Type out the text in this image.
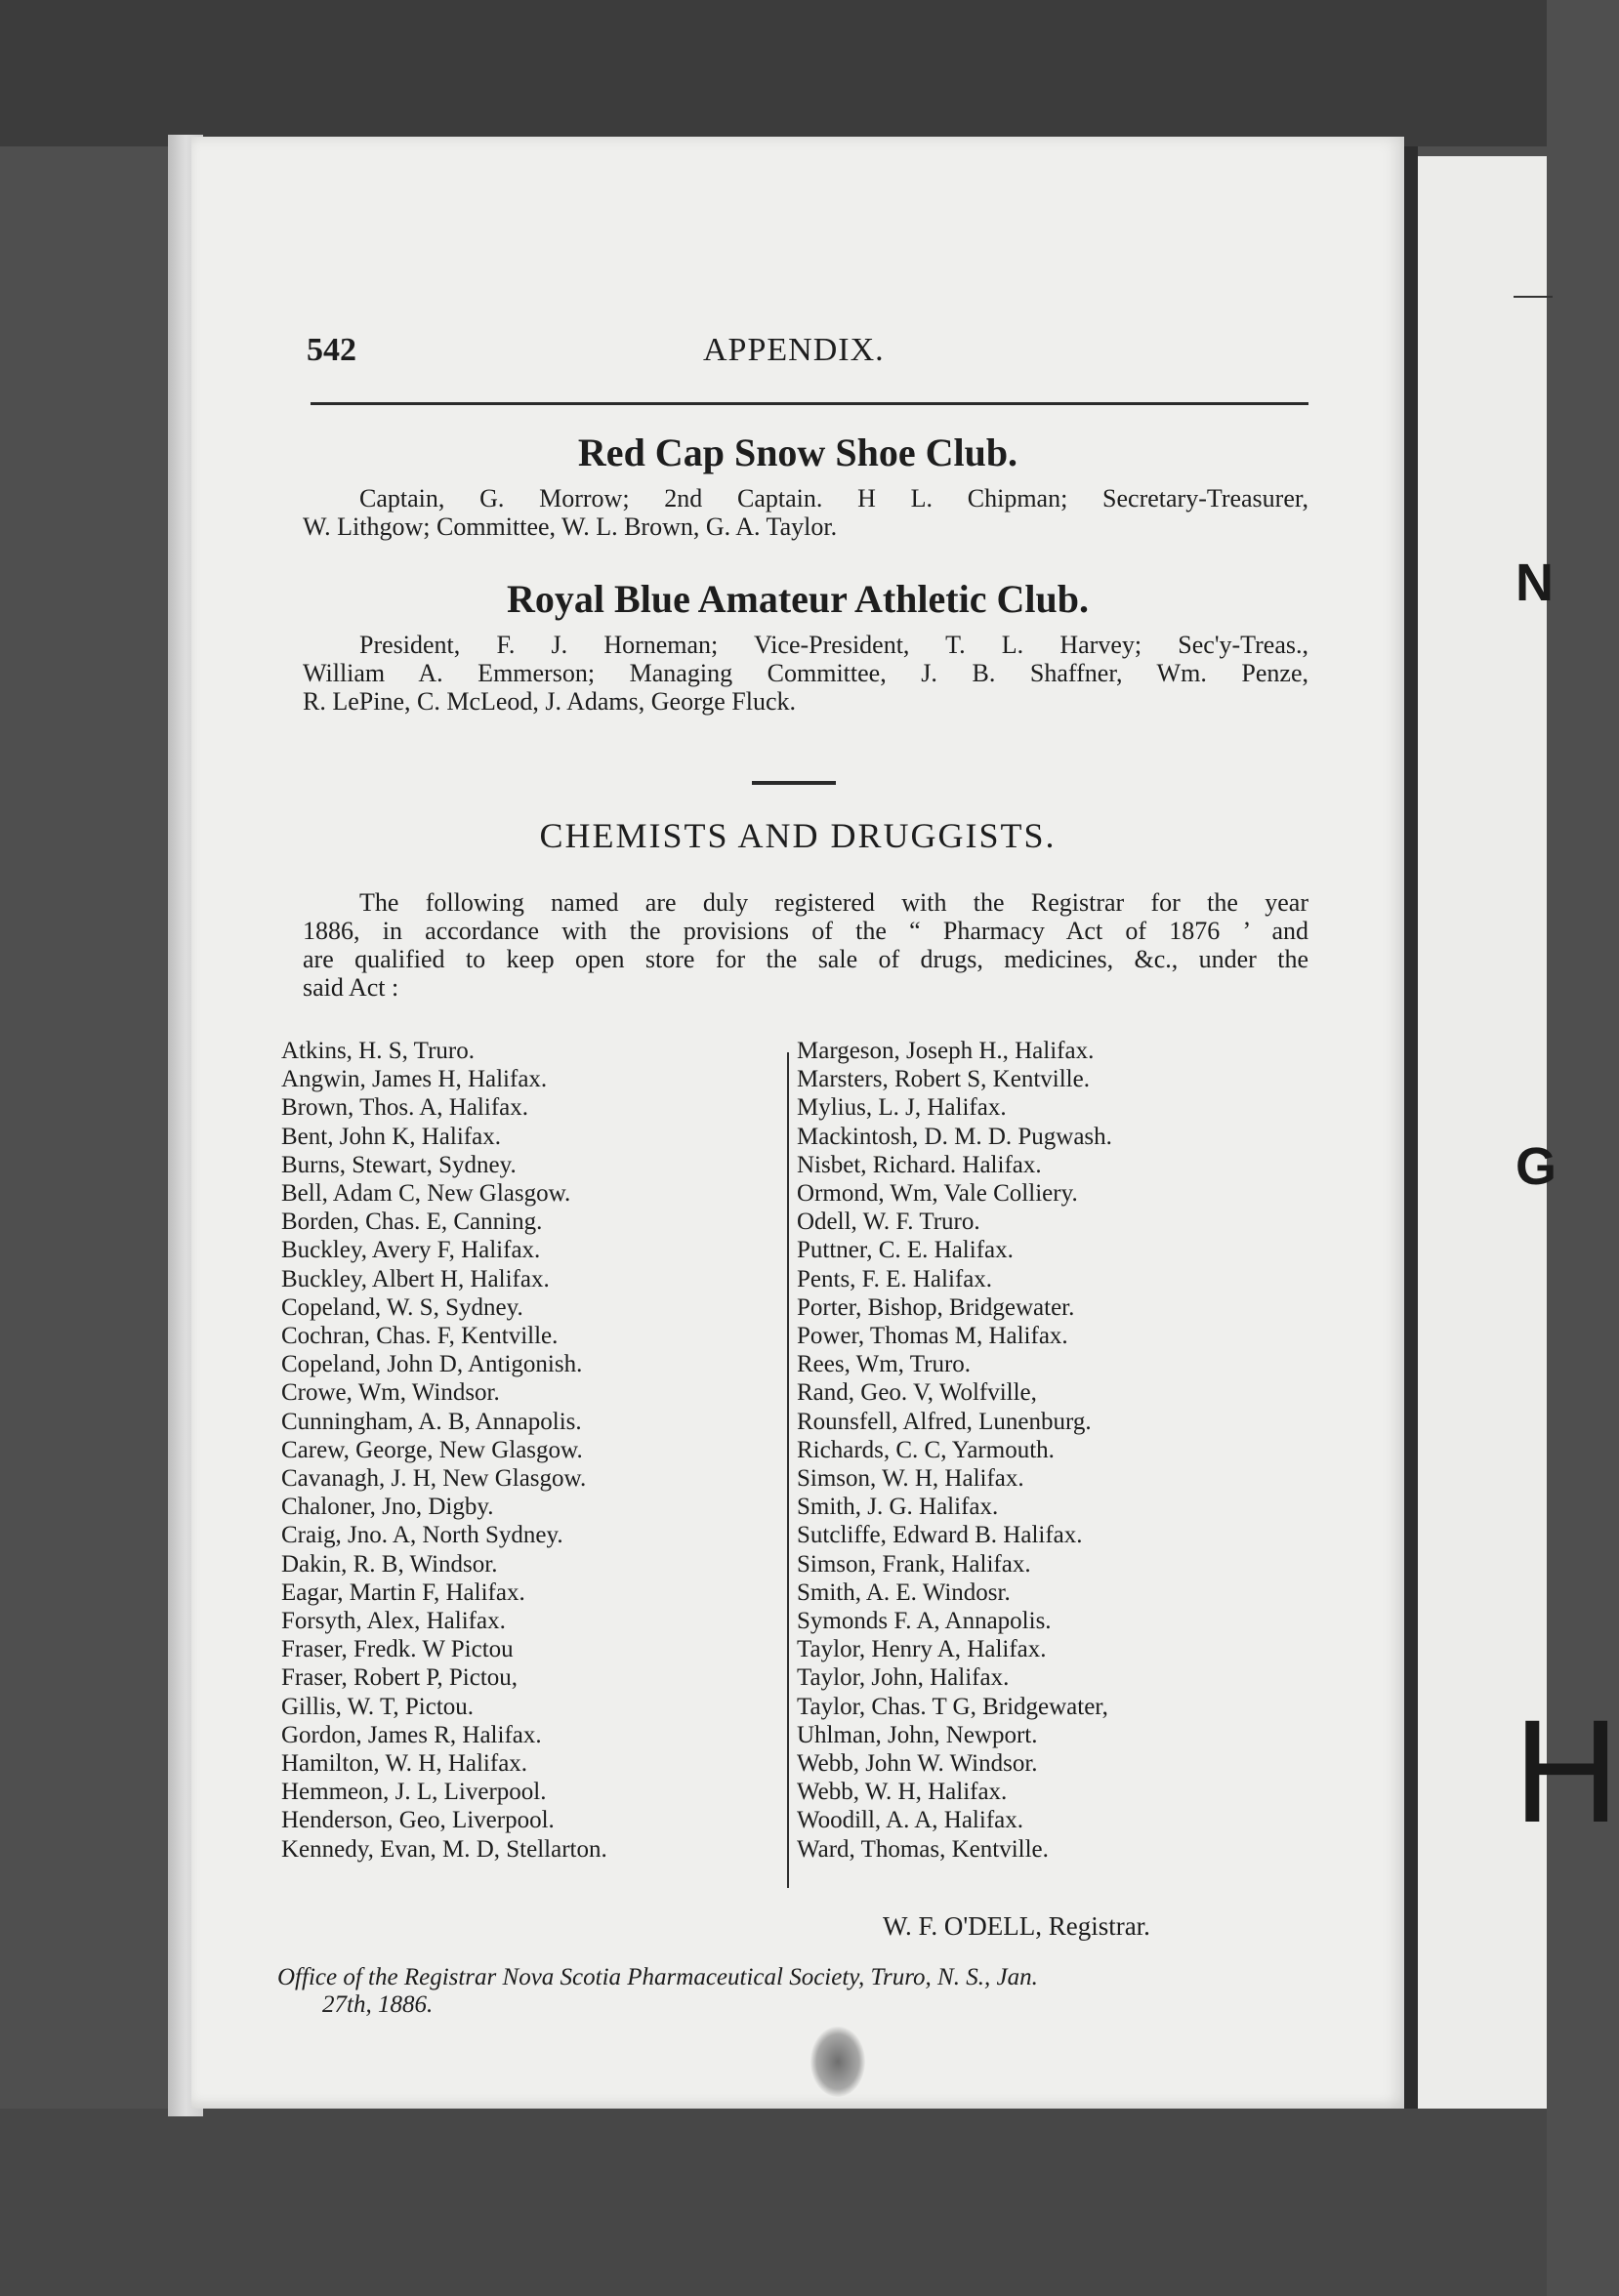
542	APPENDIX.
Red Cap Snow Shoe Club.
Captain, G. Morrow; 2nd Captain. H L. Chipman; Secretary-Treasurer,
W. Lithgow; Committee, W. L. Brown, G. A. Taylor.
Royal Blue Amateur Athletic Club.
President, F. J. Horneman; Vice-President, T. L. Harvey; Sec'y-Treas.,
William A. Emmerson; Managing Committee, J. B. Shaffner, Wm. Penze,
R. LePine, C. McLeod, J. Adams, George Fluck.
CHEMISTS AND DRUGGISTS.
The following named are duly registered with the Registrar for the year
1886, in accordance with the provisions of the “ Pharmacy Act of 1876 ’ and
are qualified to keep open store for the sale of drugs, medicines, &c., under the
said Act :
Atkins, H. S, Truro.
Angwin, James H, Halifax.
Brown, Thos. A, Halifax.
Bent, John K, Halifax.
Burns, Stewart, Sydney.
Bell, Adam C, New Glasgow.
Borden, Chas. E, Canning.
Buckley, Avery F, Halifax.
Buckley, Albert H, Halifax.
Copeland, W. S, Sydney.
Cochran, Chas. F, Kentville.
Copeland, John D, Antigonish.
Crowe, Wm, Windsor.
Cunningham, A. B, Annapolis.
Carew, George, New Glasgow.
Cavanagh, J. H, New Glasgow.
Chaloner, Jno, Digby.
Craig, Jno. A, North Sydney.
Dakin, R. B, Windsor.
Eagar, Martin F, Halifax.
Forsyth, Alex, Halifax.
Fraser, Fredk. W Pictou
Fraser, Robert P, Pictou,
Gillis, W. T, Pictou.
Gordon, James R, Halifax.
Hamilton, W. H, Halifax.
Hemmeon, J. L, Liverpool.
Henderson, Geo, Liverpool.
Kennedy, Evan, M. D, Stellarton.
Margeson, Joseph H., Halifax.
Marsters, Robert S, Kentville.
Mylius, L. J, Halifax.
Mackintosh, D. M. D. Pugwash.
Nisbet, Richard. Halifax.
Ormond, Wm, Vale Colliery.
Odell, W. F. Truro.
Puttner, C. E. Halifax.
Pents, F. E. Halifax.
Porter, Bishop, Bridgewater.
Power, Thomas M, Halifax.
Rees, Wm, Truro.
Rand, Geo. V, Wolfville,
Rounsfell, Alfred, Lunenburg.
Richards, C. C, Yarmouth.
Simson, W. H, Halifax.
Smith, J. G. Halifax.
Sutcliffe, Edward B. Halifax.
Simson, Frank, Halifax.
Smith, A. E. Windosr.
Symonds F. A, Annapolis.
Taylor, Henry A, Halifax.
Taylor, John, Halifax.
Taylor, Chas. T G, Bridgewater,
Uhlman, John, Newport.
Webb, John W. Windsor.
Webb, W. H, Halifax.
Woodill, A. A, Halifax.
Ward, Thomas, Kentville.
W. F. O'DELL, Registrar.
Office of the Registrar Nova Scotia Pharmaceutical Society, Truro, N. S., Jan.
27th, 1886.
N
G
H
